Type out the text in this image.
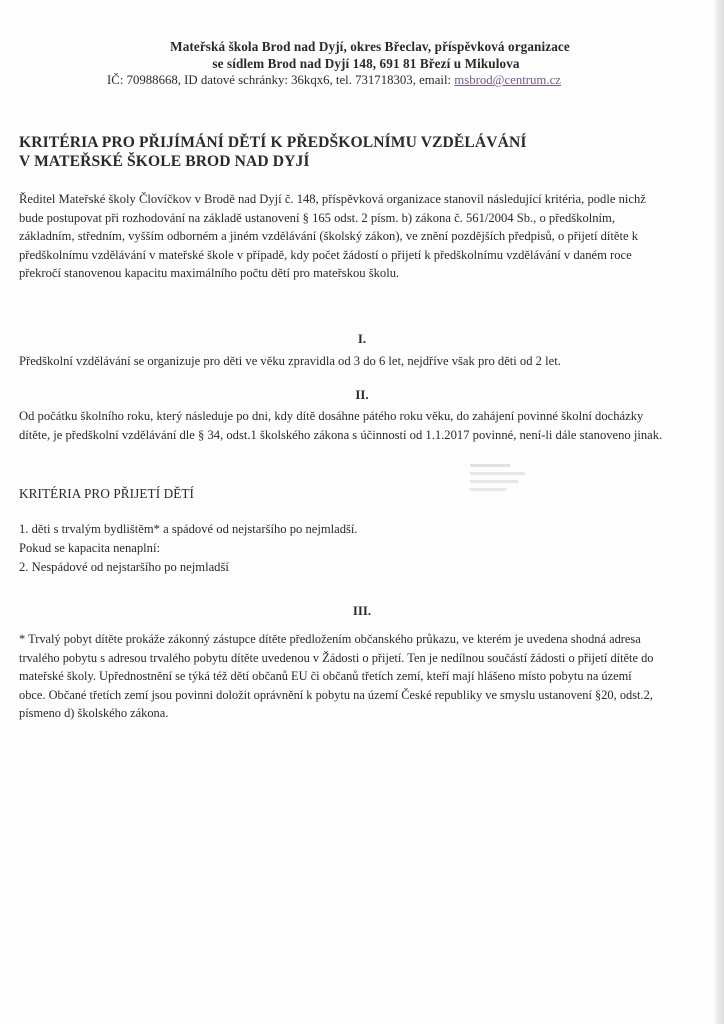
Mateřská škola Brod nad Dyjí, okres Břeclav, příspěvková organizace
se sídlem Brod nad Dyjí 148, 691 81 Březí u Mikulova
IČ: 70988668, ID datové schránky: 36kqx6, tel. 731718303, email: msbrod@centrum.cz
KRITÉRIA PRO PŘIJÍMÁNÍ DĚTÍ K PŘEDŠKOLNÍMU VZDĚLÁVÁNÍ
V MATEŘSKÉ ŠKOLE BROD NAD DYJÍ
Ředitel Mateřské školy Človíčkov v Brodě nad Dyjí č. 148, příspěvková organizace stanovil následující kritéria, podle nichž bude postupovat při rozhodování na základě ustanovení § 165 odst. 2 písm. b) zákona č. 561/2004 Sb., o předškolním, základním, středním, vyšším odborném a jiném vzdělávání (školský zákon), ve znění pozdějších předpisů, o přijetí dítěte k předškolnímu vzdělávání v mateřské škole v případě, kdy počet žádostí o přijetí k předškolnímu vzdělávání v daném roce překročí stanovenou kapacitu maximálního počtu dětí pro mateřskou školu.
I.
Předškolní vzdělávání se organizuje pro děti ve věku zpravidla od 3 do 6 let, nejdříve však pro děti od 2 let.
II.
Od počátku školního roku, který následuje po dni, kdy dítě dosáhne pátého roku věku, do zahájení povinné školní docházky dítěte, je předškolní vzdělávání dle § 34, odst.1 školského zákona s účinností od 1.1.2017 povinné, není-li dále stanoveno jinak.
KRITÉRIA PRO PŘIJETÍ DĚTÍ
1. děti s trvalým bydlištěm* a spádové od nejstaršího po nejmladší.
Pokud se kapacita nenaplní:
2. Nespádové od nejstaršího po nejmladší
III.
* Trvalý pobyt dítěte prokáže zákonný zástupce dítěte předložením občanského průkazu, ve kterém je uvedena shodná adresa trvalého pobytu s adresou trvalého pobytu dítěte uvedenou v Žádosti o přijetí. Ten je nedílnou součástí žádosti o přijetí dítěte do mateřské školy. Upřednostnění se týká též dětí občanů EU či občanů třetích zemí, kteří mají hlášeno místo pobytu na území obce. Občané třetích zemí jsou povinni doložit oprávnění k pobytu na území České republiky ve smyslu ustanovení §20, odst.2, písmeno d) školského zákona.
